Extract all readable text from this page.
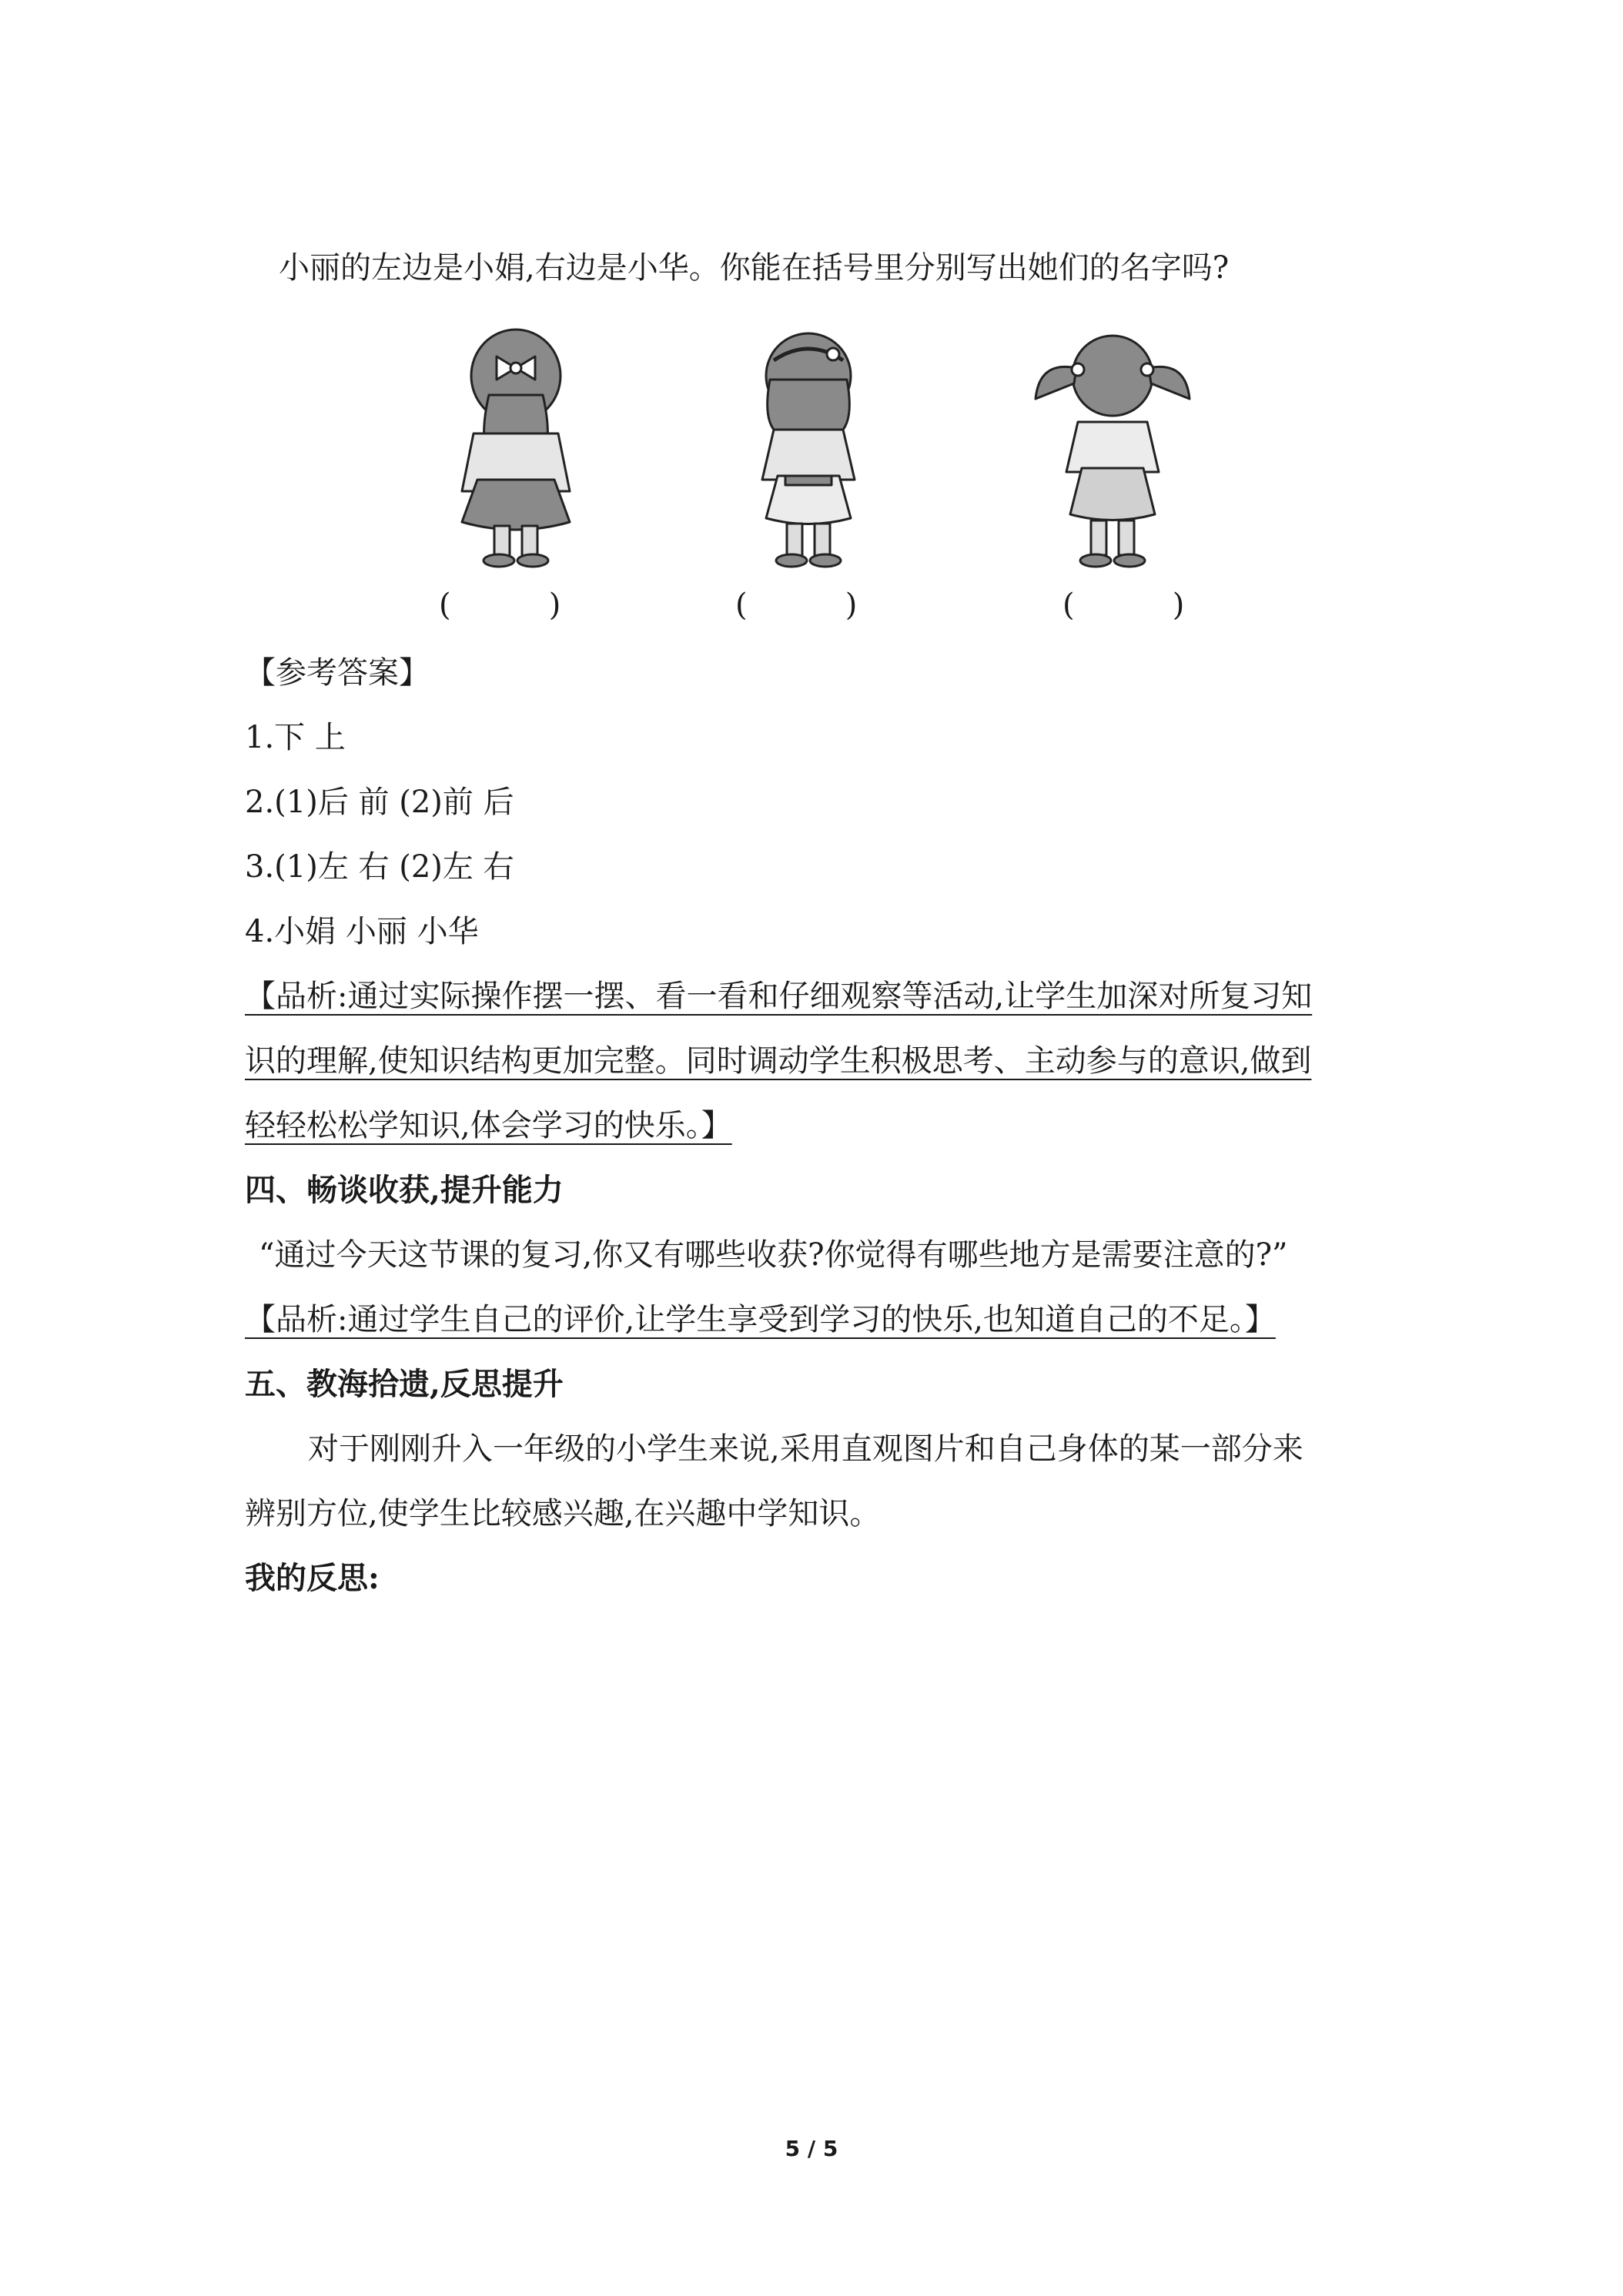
小丽的左边是小娟,右边是小华。你能在括号里分别写出她们的名字吗?
(          )	(          )	(          )
【参考答案】
1.下 上
2.(1)后 前 (2)前 后
3.(1)左 右 (2)左 右
4.小娟 小丽 小华
【品析:通过实际操作摆一摆、看一看和仔细观察等活动,让学生加深对所复习知
识的理解,使知识结构更加完整。同时调动学生积极思考、主动参与的意识,做到
轻轻松松学知识,体会学习的快乐。】
四、畅谈收获,提升能力
“通过今天这节课的复习,你又有哪些收获?你觉得有哪些地方是需要注意的?”
【品析:通过学生自己的评价,让学生享受到学习的快乐,也知道自己的不足。】
五、教海拾遗,反思提升
对于刚刚升入一年级的小学生来说,采用直观图片和自己身体的某一部分来
辨别方位,使学生比较感兴趣,在兴趣中学知识。
我的反思:
5 / 5
